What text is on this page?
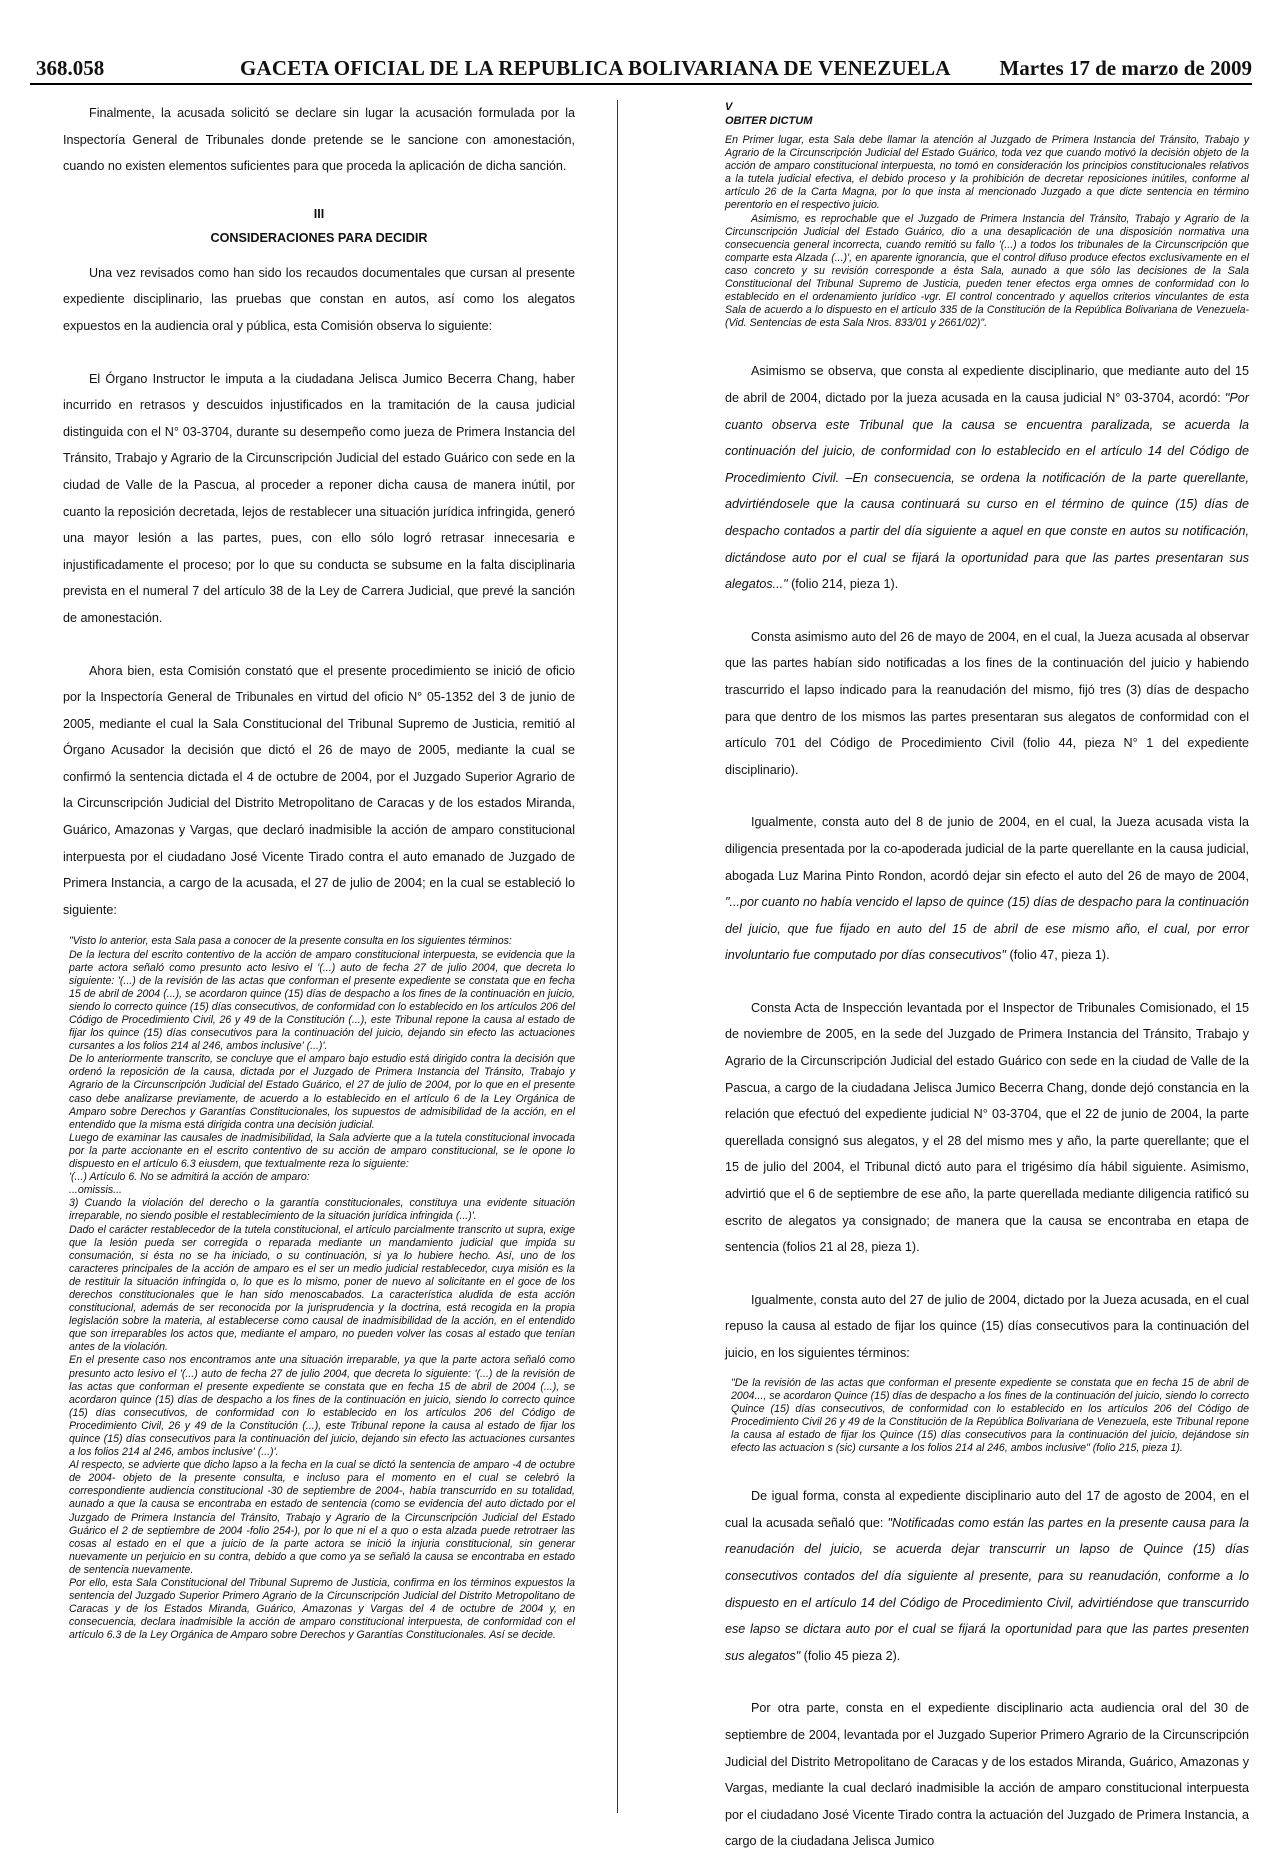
368.058	GACETA OFICIAL DE LA REPUBLICA BOLIVARIANA DE VENEZUELA Martes 17 de marzo de 2009

Finalmente, la acusada solicitó se declare sin lugar la acusación formulada por la Inspectoría General de Tribunales donde pretende se le sancione con amonestación, cuando no existen elementos suficientes para que proceda la aplicación de dicha sanción.

III
CONSIDERACIONES PARA DECIDIR

Una vez revisados como han sido los recaudos documentales que cursan al presente expediente disciplinario, las pruebas que constan en autos, así como los alegatos expuestos en la audiencia oral y pública, esta Comisión observa lo siguiente:

El Órgano Instructor le imputa a la ciudadana Jelisca Jumico Becerra Chang, haber incurrido en retrasos y descuidos injustificados en la tramitación de la causa judicial distinguida con el N° 03-3704, durante su desempeño como jueza de Primera Instancia del Tránsito, Trabajo y Agrario de la Circunscripción Judicial del estado Guárico con sede en la ciudad de Valle de la Pascua, al proceder a reponer dicha causa de manera inútil, por cuanto la reposición decretada, lejos de restablecer una situación jurídica infringida, generó una mayor lesión a las partes, pues, con ello sólo logró retrasar innecesaria e injustificadamente el proceso; por lo que su conducta se subsume en la falta disciplinaria prevista en el numeral 7 del artículo 38 de la Ley de Carrera Judicial, que prevé la sanción de amonestación.

Ahora bien, esta Comisión constató que el presente procedimiento se inició de oficio por la Inspectoría General de Tribunales en virtud del oficio N° 05-1352 del 3 de junio de 2005, mediante el cual la Sala Constitucional del Tribunal Supremo de Justicia, remitió al Órgano Acusador la decisión que dictó el 26 de mayo de 2005, mediante la cual se confirmó la sentencia dictada el 4 de octubre de 2004, por el Juzgado Superior Agrario de la Circunscripción Judicial del Distrito Metropolitano de Caracas y de los estados Miranda, Guárico, Amazonas y Vargas, que declaró inadmisible la acción de amparo constitucional interpuesta por el ciudadano José Vicente Tirado contra el auto emanado de Juzgado de Primera Instancia, a cargo de la acusada, el 27 de julio de 2004; en la cual se estableció lo siguiente:

"Visto lo anterior, esta Sala pasa a conocer de la presente consulta en los siguientes términos:
De la lectura del escrito contentivo de la acción de amparo constitucional interpuesta, se evidencia que la parte actora señaló como presunto acto lesivo el '(...) auto de fecha 27 de julio 2004, que decreta lo siguiente: '(...) de la revisión de las actas que conforman el presente expediente se constata que en fecha 15 de abril de 2004 (...), se acordaron quince (15) días de despacho a los fines de la continuación en juicio, siendo lo correcto quince (15) días consecutivos, de conformidad con lo establecido en los artículos 206 del Código de Procedimiento Civil, 26 y 49 de la Constitución (...), este Tribunal repone la causa al estado de fijar los quince (15) días consecutivos para la continuación del juicio, dejando sin efecto las actuaciones cursantes a los folios 214 al 246, ambos inclusive' (...)'.
De lo anteriormente transcrito, se concluye que el amparo bajo estudio está dirigido contra la decisión que ordenó la reposición de la causa, dictada por el Juzgado de Primera Instancia del Tránsito, Trabajo y Agrario de la Circunscripción Judicial del Estado Guárico, el 27 de julio de 2004, por lo que en el presente caso debe analizarse previamente, de acuerdo a lo establecido en el artículo 6 de la Ley Orgánica de Amparo sobre Derechos y Garantías Constitucionales, los supuestos de admisibilidad de la acción, en el entendido que la misma está dirigida contra una decisión judicial.
Luego de examinar las causales de inadmisibilidad, la Sala advierte que a la tutela constitucional invocada por la parte accionante en el escrito contentivo de su acción de amparo constitucional, se le opone lo dispuesto en el artículo 6.3 eiusdem, que textualmente reza lo siguiente:
'(...) Artículo 6. No se admitirá la acción de amparo:
...omissis...
3) Cuando la violación del derecho o la garantía constitucionales, constituya una evidente situación irreparable, no siendo posible el restablecimiento de la situación jurídica infringida (...)'.
Dado el carácter restablecedor de la tutela constitucional, el artículo parcialmente transcrito ut supra, exige que la lesión pueda ser corregida o reparada mediante un mandamiento judicial que impida su consumación, si ésta no se ha iniciado, o su continuación, si ya lo hubiere hecho. Así, uno de los caracteres principales de la acción de amparo es el ser un medio judicial restablecedor, cuya misión es la de restituir la situación infringida o, lo que es lo mismo, poner de nuevo al solicitante en el goce de los derechos constitucionales que le han sido menoscabados. La característica aludida de esta acción constitucional, además de ser reconocida por la jurisprudencia y la doctrina, está recogida en la propia legislación sobre la materia, al establecerse como causal de inadmisibilidad de la acción, en el entendido que son irreparables los actos que, mediante el amparo, no pueden volver las cosas al estado que tenían antes de la violación.
En el presente caso nos encontramos ante una situación irreparable, ya que la parte actora señaló como presunto acto lesivo el '(...) auto de fecha 27 de julio 2004, que decreta lo siguiente: '(...) de la revisión de las actas que conforman el presente expediente se constata que en fecha 15 de abril de 2004 (...), se acordaron quince (15) días de despacho a los fines de la continuación en juicio, siendo lo correcto quince (15) días consecutivos, de conformidad con lo establecido en los artículos 206 del Código de Procedimiento Civil, 26 y 49 de la Constitución (...), este Tribunal repone la causa al estado de fijar los quince (15) días consecutivos para la continuación del juicio, dejando sin efecto las actuaciones cursantes a los folios 214 al 246, ambos inclusive' (...)'.
Al respecto, se advierte que dicho lapso a la fecha en la cual se dictó la sentencia de amparo -4 de octubre de 2004- objeto de la presente consulta, e incluso para el momento en el cual se celebró la correspondiente audiencia constitucional -30 de septiembre de 2004-, había transcurrido en su totalidad, aunado a que la causa se encontraba en estado de sentencia (como se evidencia del auto dictado por el Juzgado de Primera Instancia del Tránsito, Trabajo y Agrario de la Circunscripción Judicial del Estado Guárico el 2 de septiembre de 2004 -folio 254-), por lo que ni el a quo o esta alzada puede retrotraer las cosas al estado en el que a juicio de la parte actora se inició la injuria constitucional, sin generar nuevamente un perjuicio en su contra, debido a que como ya se señaló la causa se encontraba en estado de sentencia nuevamente.
Por ello, esta Sala Constitucional del Tribunal Supremo de Justicia, confirma en los términos expuestos la sentencia del Juzgado Superior Primero Agrario de la Circunscripción Judicial del Distrito Metropolitano de Caracas y de los Estados Miranda, Guárico, Amazonas y Vargas del 4 de octubre de 2004 y, en consecuencia, declara inadmisible la acción de amparo constitucional interpuesta, de conformidad con el artículo 6.3 de la Ley Orgánica de Amparo sobre Derechos y Garantías Constitucionales. Así se decide.
V
OBITER DICTUM
En Primer lugar, esta Sala debe llamar la atención al Juzgado de Primera Instancia del Tránsito, Trabajo y Agrario de la Circunscripción Judicial del Estado Guárico, toda vez que cuando motivó la decisión objeto de la acción de amparo constitucional interpuesta, no tomó en consideración los principios constitucionales relativos a la tutela judicial efectiva, el debido proceso y la prohibición de decretar reposiciones inútiles, conforme al artículo 26 de la Carta Magna, por lo que insta al mencionado Juzgado a que dicte sentencia en término perentorio en el respectivo juicio.
Asimismo, es reprochable que el Juzgado de Primera Instancia del Tránsito, Trabajo y Agrario de la Circunscripción Judicial del Estado Guárico, dio a una desaplicación de una disposición normativa una consecuencia general incorrecta, cuando remitió su fallo '(...) a todos los tribunales de la Circunscripción que comparte esta Alzada (...)', en aparente ignorancia, que el control difuso produce efectos exclusivamente en el caso concreto y su revisión corresponde a ésta Sala, aunado a que sólo las decisiones de la Sala Constitucional del Tribunal Supremo de Justicia, pueden tener efectos erga omnes de conformidad con lo establecido en el ordenamiento jurídico -vgr. El control concentrado y aquellos criterios vinculantes de esta Sala de acuerdo a lo dispuesto en el artículo 335 de la Constitución de la República Bolivariana de Venezuela- (Vid. Sentencias de esta Sala Nros. 833/01 y 2661/02)".

Asimismo se observa, que consta al expediente disciplinario, que mediante auto del 15 de abril de 2004, dictado por la jueza acusada en la causa judicial N° 03-3704, acordó: "Por cuanto observa este Tribunal que la causa se encuentra paralizada, se acuerda la continuación del juicio, de conformidad con lo establecido en el artículo 14 del Código de Procedimiento Civil. –En consecuencia, se ordena la notificación de la parte querellante, advirtiéndosele que la causa continuará su curso en el término de quince (15) días de despacho contados a partir del día siguiente a aquel en que conste en autos su notificación, dictándose auto por el cual se fijará la oportunidad para que las partes presentaran sus alegatos..." (folio 214, pieza 1).

Consta asimismo auto del 26 de mayo de 2004, en el cual, la Jueza acusada al observar que las partes habían sido notificadas a los fines de la continuación del juicio y habiendo trascurrido el lapso indicado para la reanudación del mismo, fijó tres (3) días de despacho para que dentro de los mismos las partes presentaran sus alegatos de conformidad con el artículo 701 del Código de Procedimiento Civil (folio 44, pieza N° 1 del expediente disciplinario).

Igualmente, consta auto del 8 de junio de 2004, en el cual, la Jueza acusada vista la diligencia presentada por la co-apoderada judicial de la parte querellante en la causa judicial, abogada Luz Marina Pinto Rondon, acordó dejar sin efecto el auto del 26 de mayo de 2004, "...por cuanto no había vencido el lapso de quince (15) días de despacho para la continuación del juicio, que fue fijado en auto del 15 de abril de ese mismo año, el cual, por error involuntario fue computado por días consecutivos" (folio 47, pieza 1).

Consta Acta de Inspección levantada por el Inspector de Tribunales Comisionado, el 15 de noviembre de 2005, en la sede del Juzgado de Primera Instancia del Tránsito, Trabajo y Agrario de la Circunscripción Judicial del estado Guárico con sede en la ciudad de Valle de la Pascua, a cargo de la ciudadana Jelisca Jumico Becerra Chang, donde dejó constancia en la relación que efectuó del expediente judicial N° 03-3704, que el 22 de junio de 2004, la parte querellada consignó sus alegatos, y el 28 del mismo mes y año, la parte querellante; que el 15 de julio del 2004, el Tribunal dictó auto para el trigésimo día hábil siguiente. Asimismo, advirtió que el 6 de septiembre de ese año, la parte querellada mediante diligencia ratificó su escrito de alegatos ya consignado; de manera que la causa se encontraba en etapa de sentencia (folios 21 al 28, pieza 1).

Igualmente, consta auto del 27 de julio de 2004, dictado por la Jueza acusada, en el cual repuso la causa al estado de fijar los quince (15) días consecutivos para la continuación del juicio, en los siguientes términos:

"De la revisión de las actas que conforman el presente expediente se constata que en fecha 15 de abril de 2004..., se acordaron Quince (15) días de despacho a los fines de la continuación del juicio, siendo lo correcto Quince (15) días consecutivos, de conformidad con lo establecido en los artículos 206 del Código de Procedimiento Civil 26 y 49 de la Constitución de la República Bolivariana de Venezuela, este Tribunal repone la causa al estado de fijar los Quince (15) días consecutivos para la continuación del juicio, dejándose sin efecto las actuacion s (sic) cursante a los folios 214 al 246, ambos inclusive" (folio 215, pieza 1).

De igual forma, consta al expediente disciplinario auto del 17 de agosto de 2004, en el cual la acusada señaló que: "Notificadas como están las partes en la presente causa para la reanudación del juicio, se acuerda dejar transcurrir un lapso de Quince (15) días consecutivos contados del día siguiente al presente, para su reanudación, conforme a lo dispuesto en el artículo 14 del Código de Procedimiento Civil, advirtiéndose que transcurrido ese lapso se dictara auto por el cual se fijará la oportunidad para que las partes presenten sus alegatos" (folio 45 pieza 2).

Por otra parte, consta en el expediente disciplinario acta audiencia oral del 30 de septiembre de 2004, levantada por el Juzgado Superior Primero Agrario de la Circunscripción Judicial del Distrito Metropolitano de Caracas y de los estados Miranda, Guárico, Amazonas y Vargas, mediante la cual declaró inadmisible la acción de amparo constitucional interpuesta por el ciudadano José Vicente Tirado contra la actuación del Juzgado de Primera Instancia, a cargo de la ciudadana Jelisca Jumico
